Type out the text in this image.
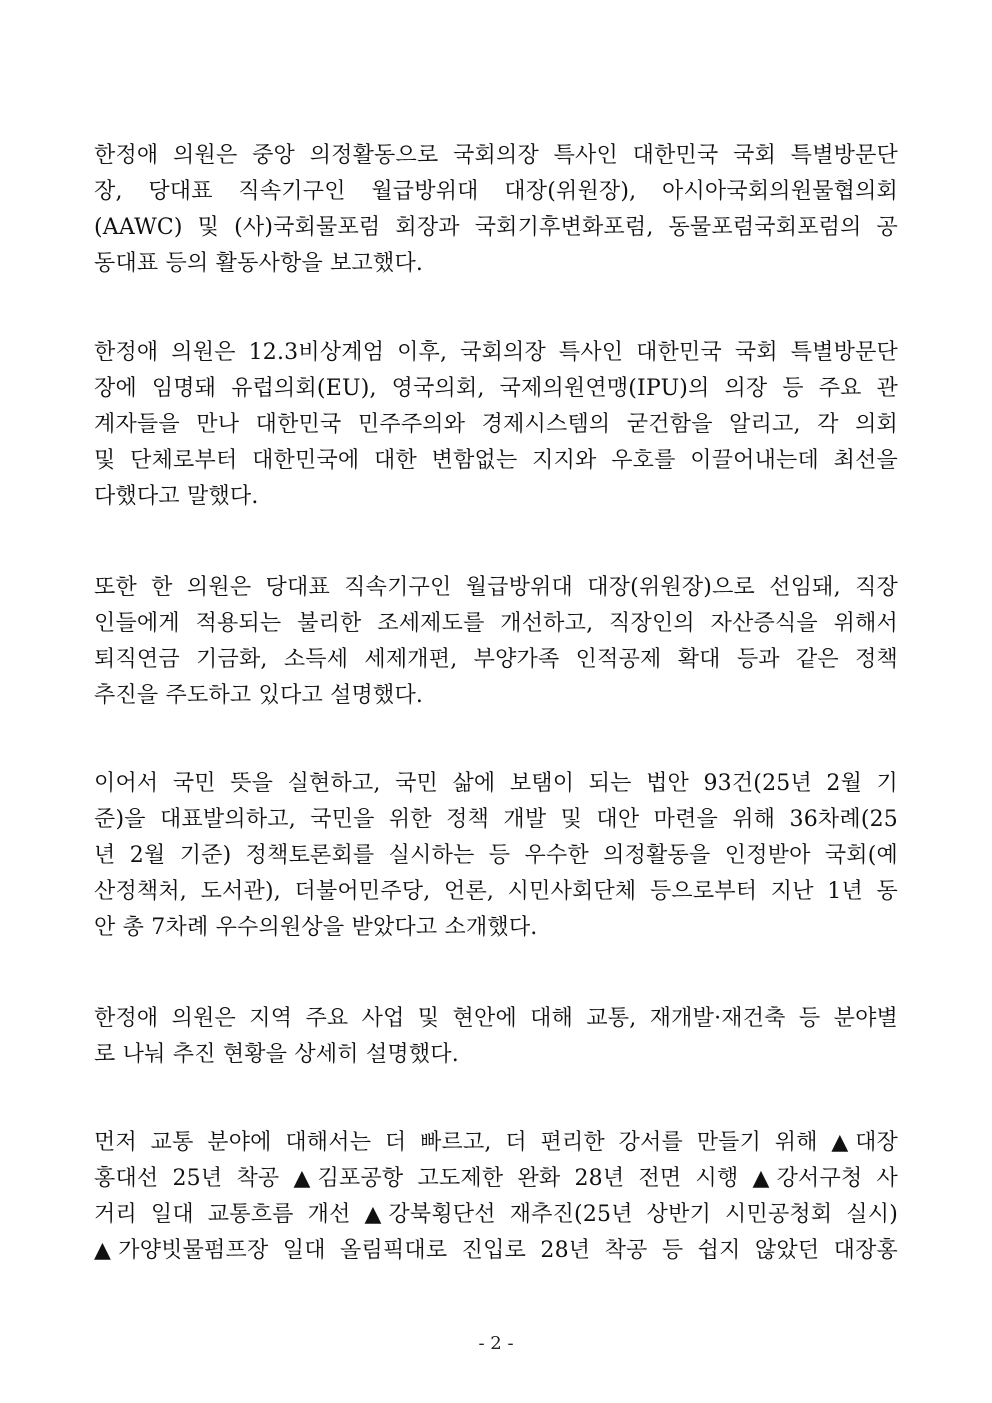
한정애 의원은 중앙 의정활동으로 국회의장 특사인 대한민국 국회 특별방문단
장, 당대표 직속기구인 월급방위대 대장(위원장), 아시아국회의원물협의회
(AAWC) 및 (사)국회물포럼 회장과 국회기후변화포럼, 동물포럼국회포럼의 공
동대표 등의 활동사항을 보고했다.
한정애 의원은 12.3비상계엄 이후, 국회의장 특사인 대한민국 국회 특별방문단
장에 임명돼 유럽의회(EU), 영국의회, 국제의원연맹(IPU)의 의장 등 주요 관
계자들을 만나 대한민국 민주주의와 경제시스템의 굳건함을 알리고, 각 의회
및 단체로부터 대한민국에 대한 변함없는 지지와 우호를 이끌어내는데 최선을
다했다고 말했다.
또한 한 의원은 당대표 직속기구인 월급방위대 대장(위원장)으로 선임돼, 직장
인들에게 적용되는 불리한 조세제도를 개선하고, 직장인의 자산증식을 위해서
퇴직연금 기금화, 소득세 세제개편, 부양가족 인적공제 확대 등과 같은 정책
추진을 주도하고 있다고 설명했다.
이어서 국민 뜻을 실현하고, 국민 삶에 보탬이 되는 법안 93건(25년 2월 기
준)을 대표발의하고, 국민을 위한 정책 개발 및 대안 마련을 위해 36차례(25
년 2월 기준) 정책토론회를 실시하는 등 우수한 의정활동을 인정받아 국회(예
산정책처, 도서관), 더불어민주당, 언론, 시민사회단체 등으로부터 지난 1년 동
안 총 7차례 우수의원상을 받았다고 소개했다.
한정애 의원은 지역 주요 사업 및 현안에 대해 교통, 재개발·재건축 등 분야별
로 나눠 추진 현황을 상세히 설명했다.
먼저 교통 분야에 대해서는 더 빠르고, 더 편리한 강서를 만들기 위해 ▲대장
홍대선 25년 착공 ▲김포공항 고도제한 완화 28년 전면 시행 ▲강서구청 사
거리 일대 교통흐름 개선 ▲강북횡단선 재추진(25년 상반기 시민공청회 실시)
▲가양빗물펌프장 일대 올림픽대로 진입로 28년 착공 등 쉽지 않았던 대장홍
- 2 -
